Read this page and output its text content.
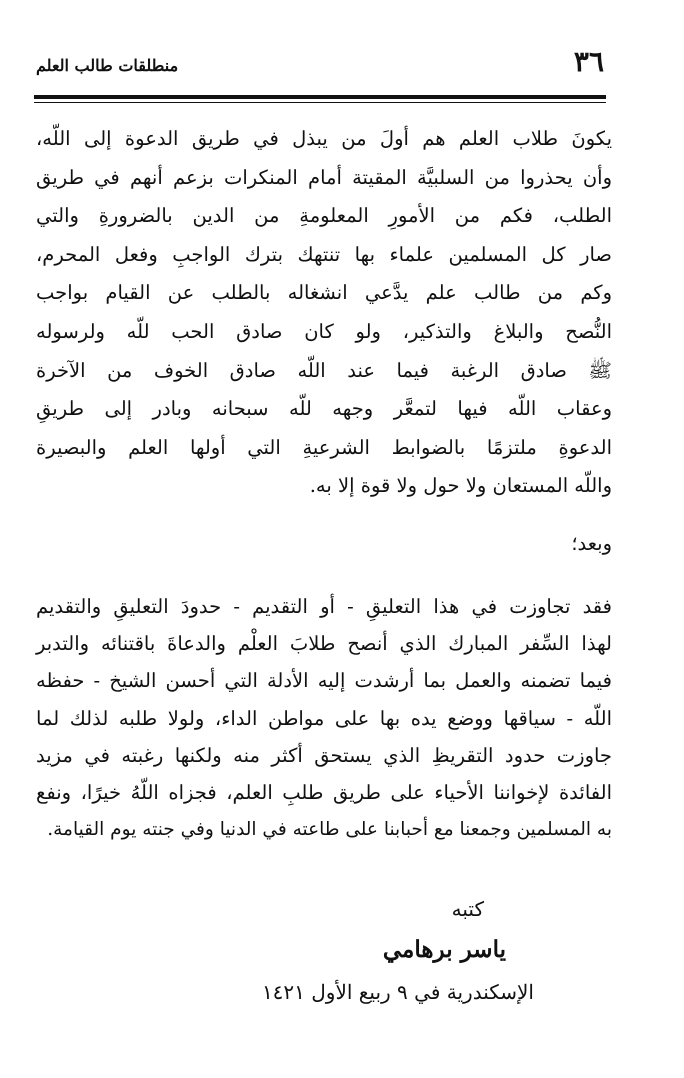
٣٦
منطلقات طالب العلم
يكونَ طلاب العلم هم أولَ من يبذل في طريق الدعوة إلى اللّه،
وأن يحذروا من السلبيَّة المقيتة أمام المنكرات بزعم أنهم في طريق
الطلب، فكم من الأمورِ المعلومةِ من الدين بالضرورةِ والتي
صار كل المسلمين علماء بها تنتهك بترك الواجبِ وفعل المحرم،
وكم من طالب علم يدَّعي انشغاله بالطلب عن القيام بواجب
النُّصح والبلاغ والتذكير، ولو كان صادق الحب للّه ولرسوله
ﷺ صادق الرغبة فيما عند اللّه صادق الخوف من الآخرة
وعقاب اللّه فيها لتمعَّر وجهه للّه سبحانه وبادر إلى طريقِ
الدعوةِ ملتزمًا بالضوابط الشرعيةِ التي أولها العلم والبصيرة
واللّه المستعان ولا حول ولا قوة إلا به.
وبعد؛
فقد تجاوزت في هذا التعليقِ - أو التقديم - حدودَ التعليقِ والتقديم
لهذا السِّفر المبارك الذي أنصح طلابَ العلْم والدعاةَ باقتنائه والتدبر
فيما تضمنه والعمل بما أرشدت إليه الأدلة التي أحسن الشيخ - حفظه
اللّه - سياقها ووضع يده بها على مواطن الداء، ولولا طلبه لذلك لما
جاوزت حدود التقريظِ الذي يستحق أكثر منه ولكنها رغبته في مزيد
الفائدة لإخواننا الأحياء على طريق طلبِ العلم، فجزاه اللّهُ خيرًا، ونفع
به المسلمين وجمعنا مع أحبابنا على طاعته في الدنيا وفي جنته يوم القيامة.
كتبه
ياسر برهامي
الإسكندرية في ٩ ربيع الأول ١٤٢١
